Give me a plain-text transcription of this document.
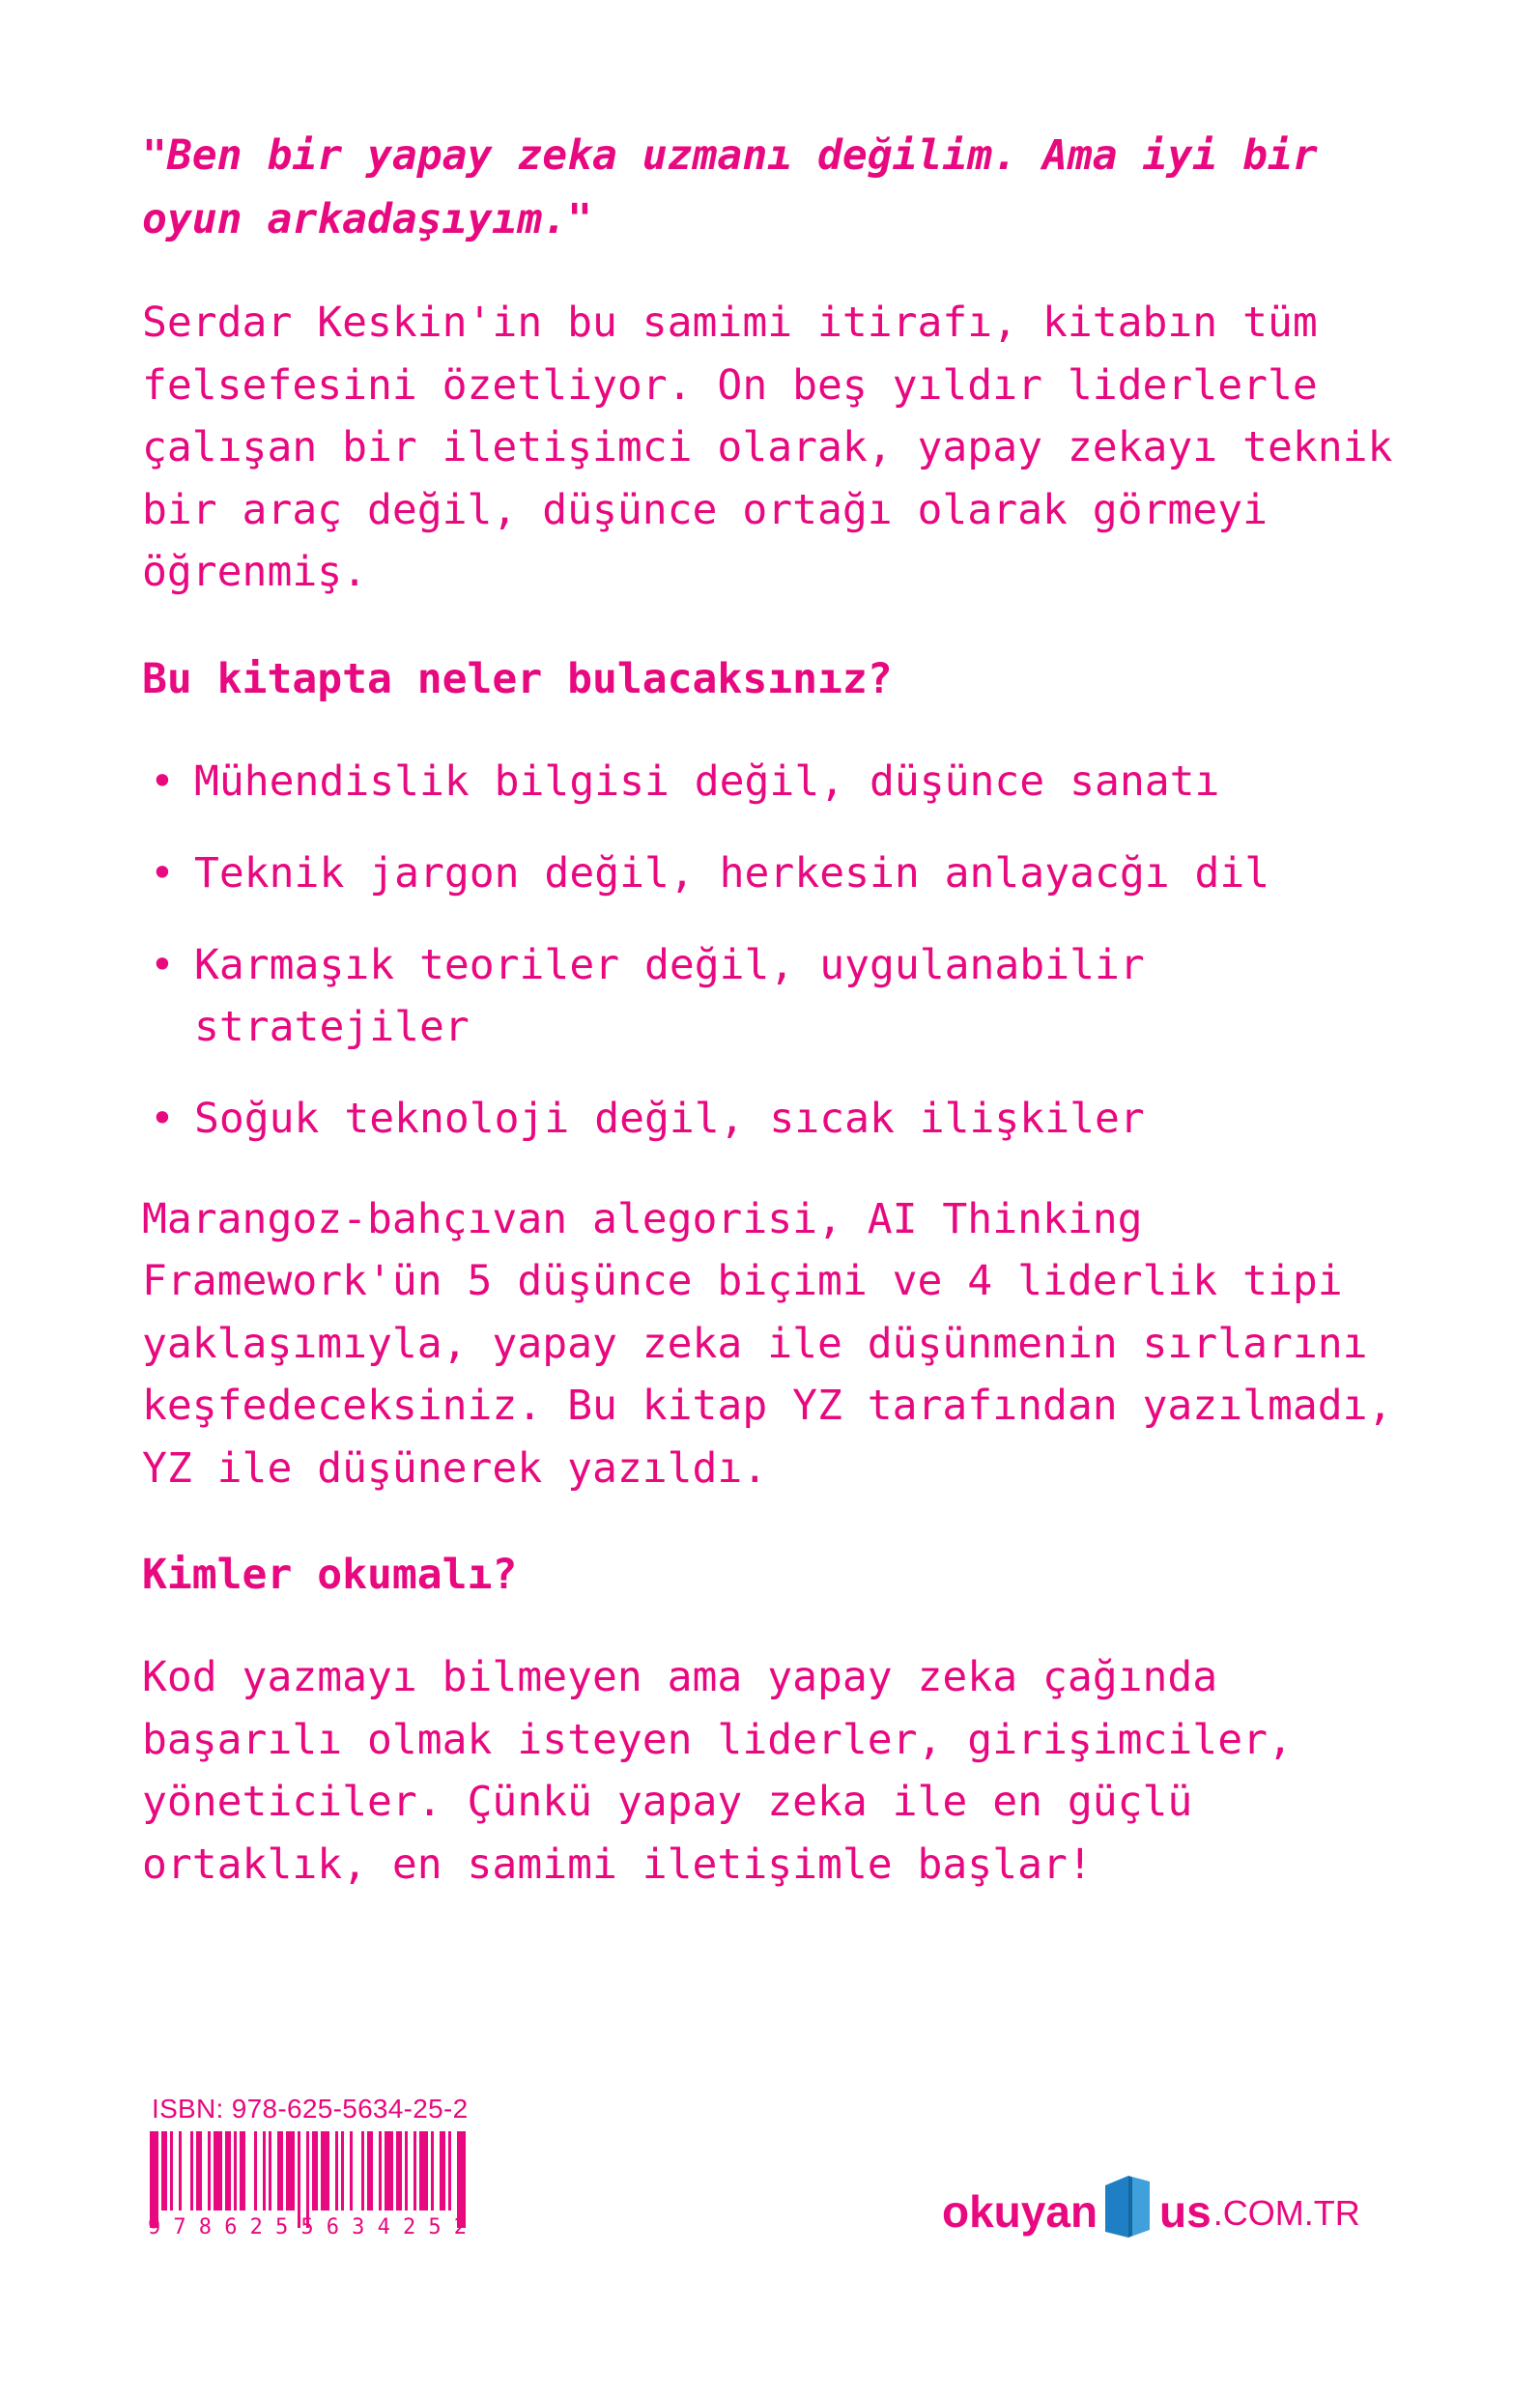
"Ben bir yapay zeka uzmanı değilim. Ama iyi bir oyun arkadaşıyım."

Serdar Keskin'in bu samimi itirafı, kitabın tüm felsefesini özetliyor. On beş yıldır liderlerle çalışan bir iletişimci olarak, yapay zekayı teknik bir araç değil, düşünce ortağı olarak görmeyi öğrenmiş.

Bu kitapta neler bulacaksınız?

• Mühendislik bilgisi değil, düşünce sanatı
• Teknik jargon değil, herkesin anlayacğı dil
• Karmaşık teoriler değil, uygulanabilir stratejiler
• Soğuk teknoloji değil, sıcak ilişkiler

Marangoz-bahçıvan alegorisi, AI Thinking Framework'ün 5 düşünce biçimi ve 4 liderlik tipi yaklaşımıyla, yapay zeka ile düşünmenin sırlarını keşfedeceksiniz. Bu kitap YZ tarafından yazılmadı, YZ ile düşünerek yazıldı.

Kimler okumalı?

Kod yazmayı bilmeyen ama yapay zeka çağında başarılı olmak isteyen liderler, girişimciler, yöneticiler. Çünkü yapay zeka ile en güçlü ortaklık, en samimi iletişimle başlar!

ISBN: 978-625-5634-25-2
9786255634252	okuyan us .COM.TR
